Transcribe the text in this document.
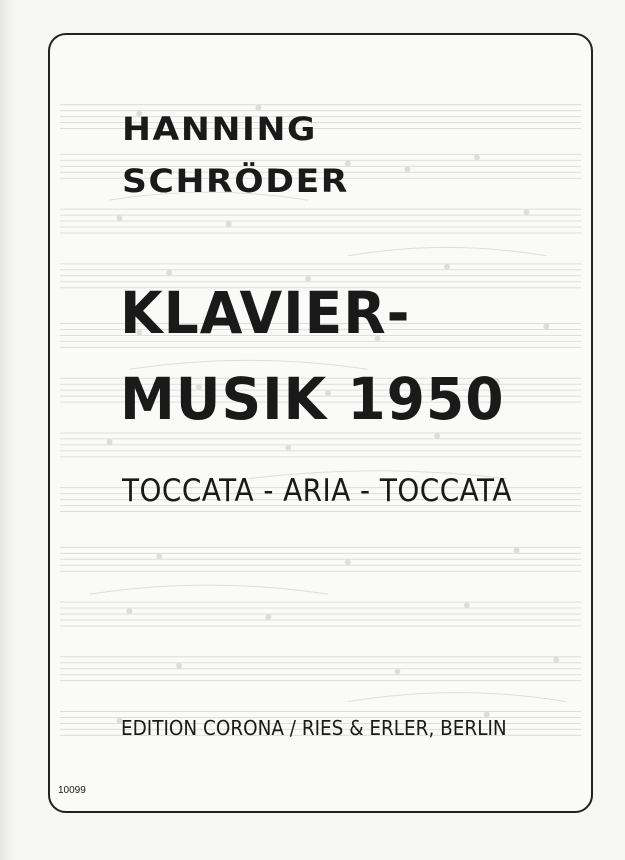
HANNING
SCHRÖDER
KLAVIER-
MUSIK 1950
TOCCATA - ARIA - TOCCATA
EDITION CORONA / RIES & ERLER, BERLIN
10099
